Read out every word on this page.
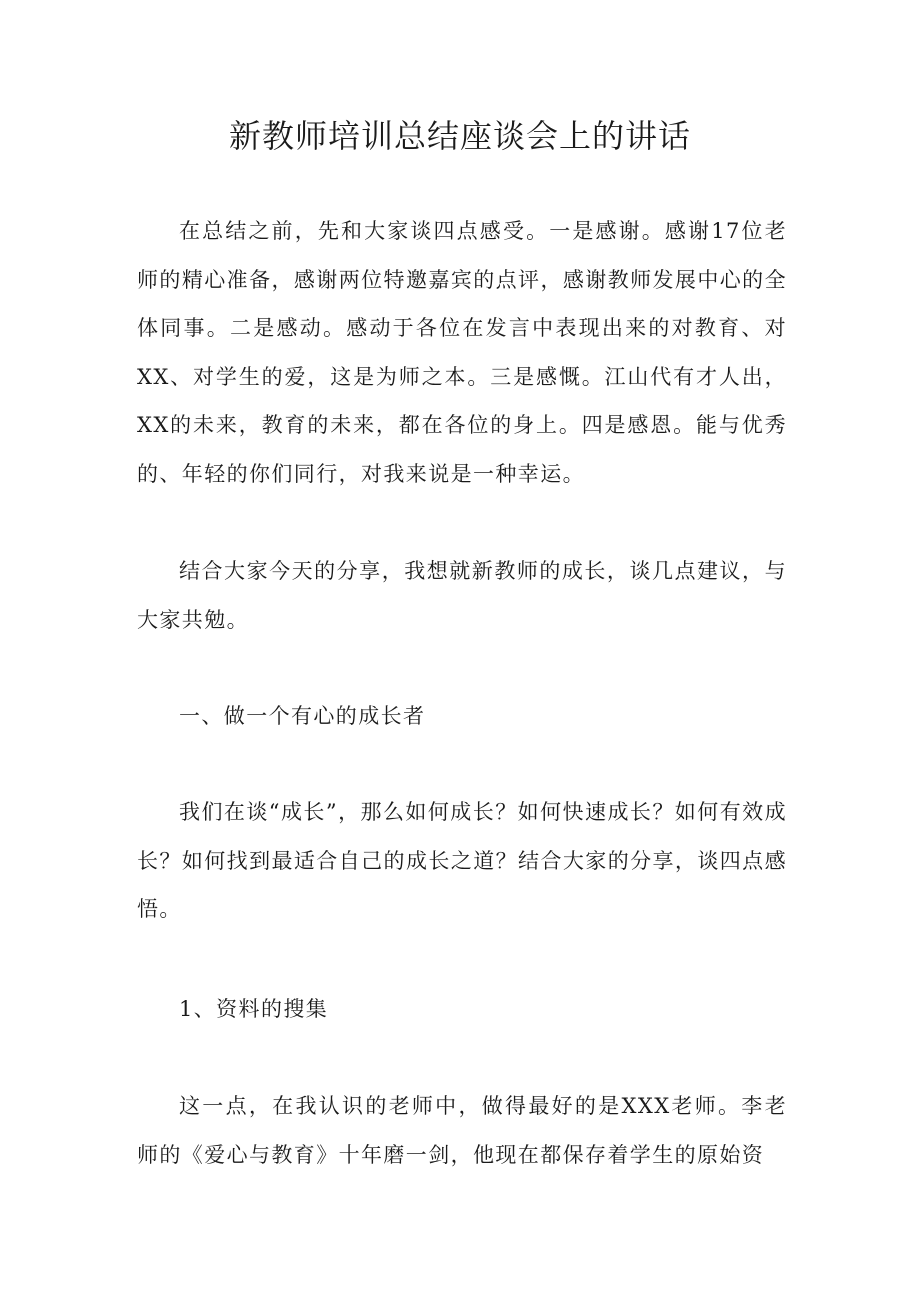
新教师培训总结座谈会上的讲话

在总结之前，先和大家谈四点感受。一是感谢。感谢17位老师的精心准备，感谢两位特邀嘉宾的点评，感谢教师发展中心的全体同事。二是感动。感动于各位在发言中表现出来的对教育、对XX、对学生的爱，这是为师之本。三是感慨。江山代有才人出，XX的未来，教育的未来，都在各位的身上。四是感恩。能与优秀的、年轻的你们同行，对我来说是一种幸运。

结合大家今天的分享，我想就新教师的成长，谈几点建议，与大家共勉。

一、做一个有心的成长者

我们在谈“成长”，那么如何成长？如何快速成长？如何有效成长？如何找到最适合自己的成长之道？结合大家的分享，谈四点感悟。

1、资料的搜集

这一点，在我认识的老师中，做得最好的是XXX老师。李老师的《爱心与教育》十年磨一剑，他现在都保存着学生的原始资
